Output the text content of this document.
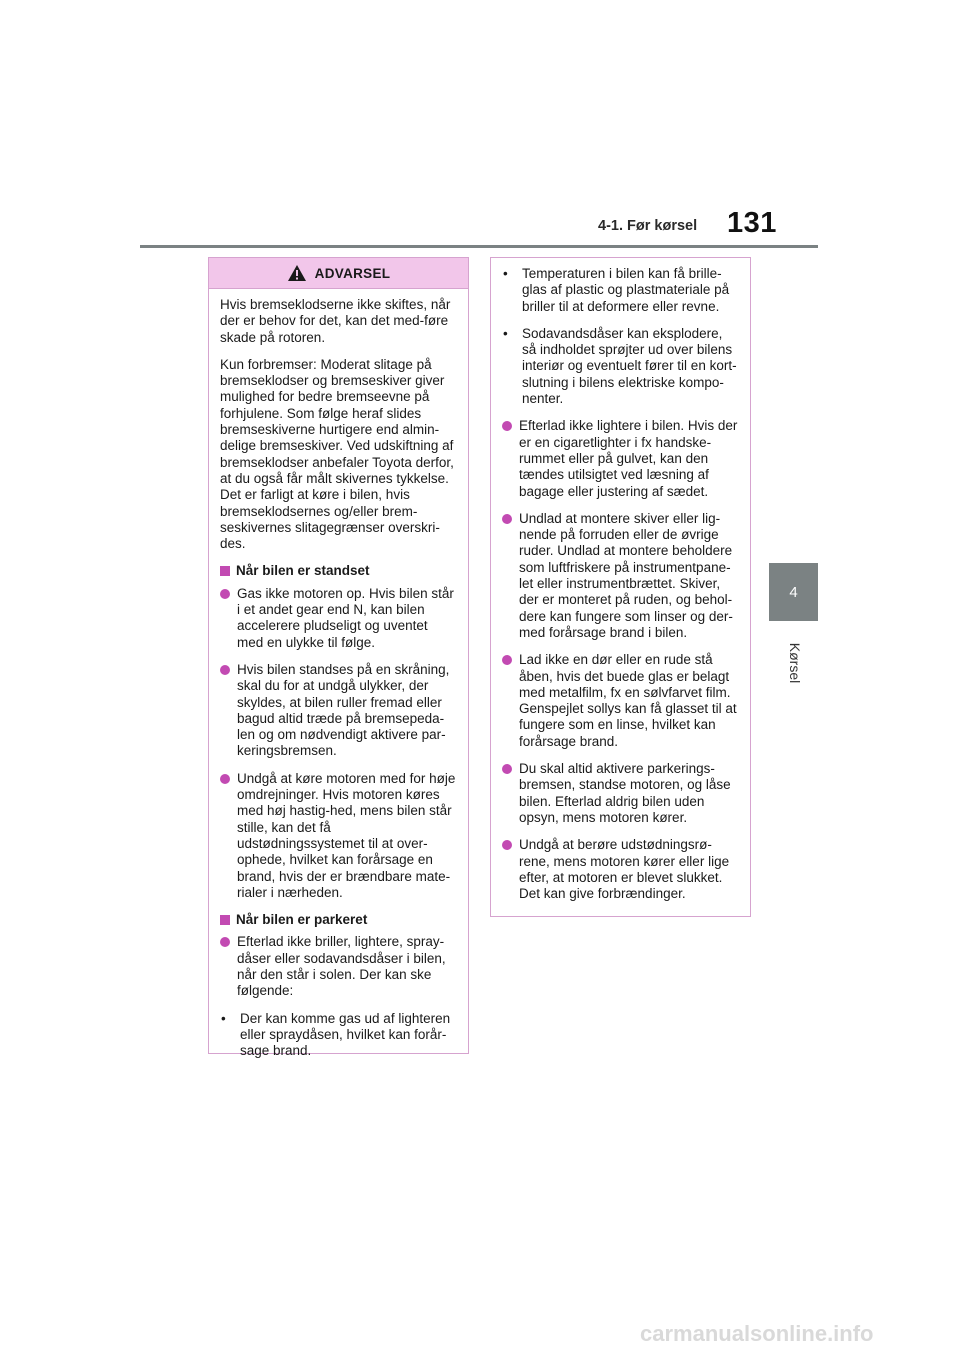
4-1. Før kørsel 131
4
Kørsel
ADVARSEL

Hvis bremseklodserne ikke skiftes, når der er behov for det, kan det med-føre skade på rotoren.

Kun forbremser: Moderat slitage på bremseklodser og bremseskiver giver mulighed for bedre bremseevne på forhjulene. Som følge heraf slides bremseskiverne hurtigere end almin-delige bremseskiver. Ved udskiftning af bremseklodser anbefaler Toyota derfor, at du også får målt skivernes tykkelse. Det er farligt at køre i bilen, hvis bremseklodsernes og/eller brem-seskivernes slitagegrænser overskri-des.

Når bilen er standset
Gas ikke motoren op. Hvis bilen står i et andet gear end N, kan bilen accelerere pludseligt og uventet med en ulykke til følge.
Hvis bilen standses på en skråning, skal du for at undgå ulykker, der skyldes, at bilen ruller fremad eller bagud altid træde på bremsepeda-len og om nødvendigt aktivere par-keringsbremsen.
Undgå at køre motoren med for høje omdrejninger. Hvis motoren køres med høj hastig-hed, mens bilen står stille, kan det få udstødningssystemet til at over-ophede, hvilket kan forårsage en brand, hvis der er brændbare mate-rialer i nærheden.
Når bilen er parkeret
Efterlad ikke briller, lightere, spray-dåser eller sodavandsdåser i bilen, når den står i solen. Der kan ske følgende:
•	Der kan komme gas ud af lighteren eller spraydåsen, hvilket kan forår-sage brand.
•	Temperaturen i bilen kan få brille-glas af plastic og plastmateriale på briller til at deformere eller revne.
•	Sodavandsdåser kan eksplodere, så indholdet sprøjter ud over bilens interiør og eventuelt fører til en kort-slutning i bilens elektriske kompo-nenter.
Efterlad ikke lightere i bilen. Hvis der er en cigaretlighter i fx handske-rummet eller på gulvet, kan den tændes utilsigtet ved læsning af bagage eller justering af sædet.
Undlad at montere skiver eller lig-nende på forruden eller de øvrige ruder. Undlad at montere beholdere som luftfriskere på instrumentpane-let eller instrumentbrættet. Skiver, der er monteret på ruden, og behol-dere kan fungere som linser og der-med forårsage brand i bilen.
Lad ikke en dør eller en rude stå åben, hvis det buede glas er belagt med metalfilm, fx en sølvfarvet film. Genspejlet sollys kan få glasset til at fungere som en linse, hvilket kan forårsage brand.
Du skal altid aktivere parkerings-bremsen, standse motoren, og låse bilen. Efterlad aldrig bilen uden opsyn, mens motoren kører.
Undgå at berøre udstødningsrø-rene, mens motoren kører eller lige efter, at motoren er blevet slukket. Det kan give forbrændinger.
carmanualsonline.info
